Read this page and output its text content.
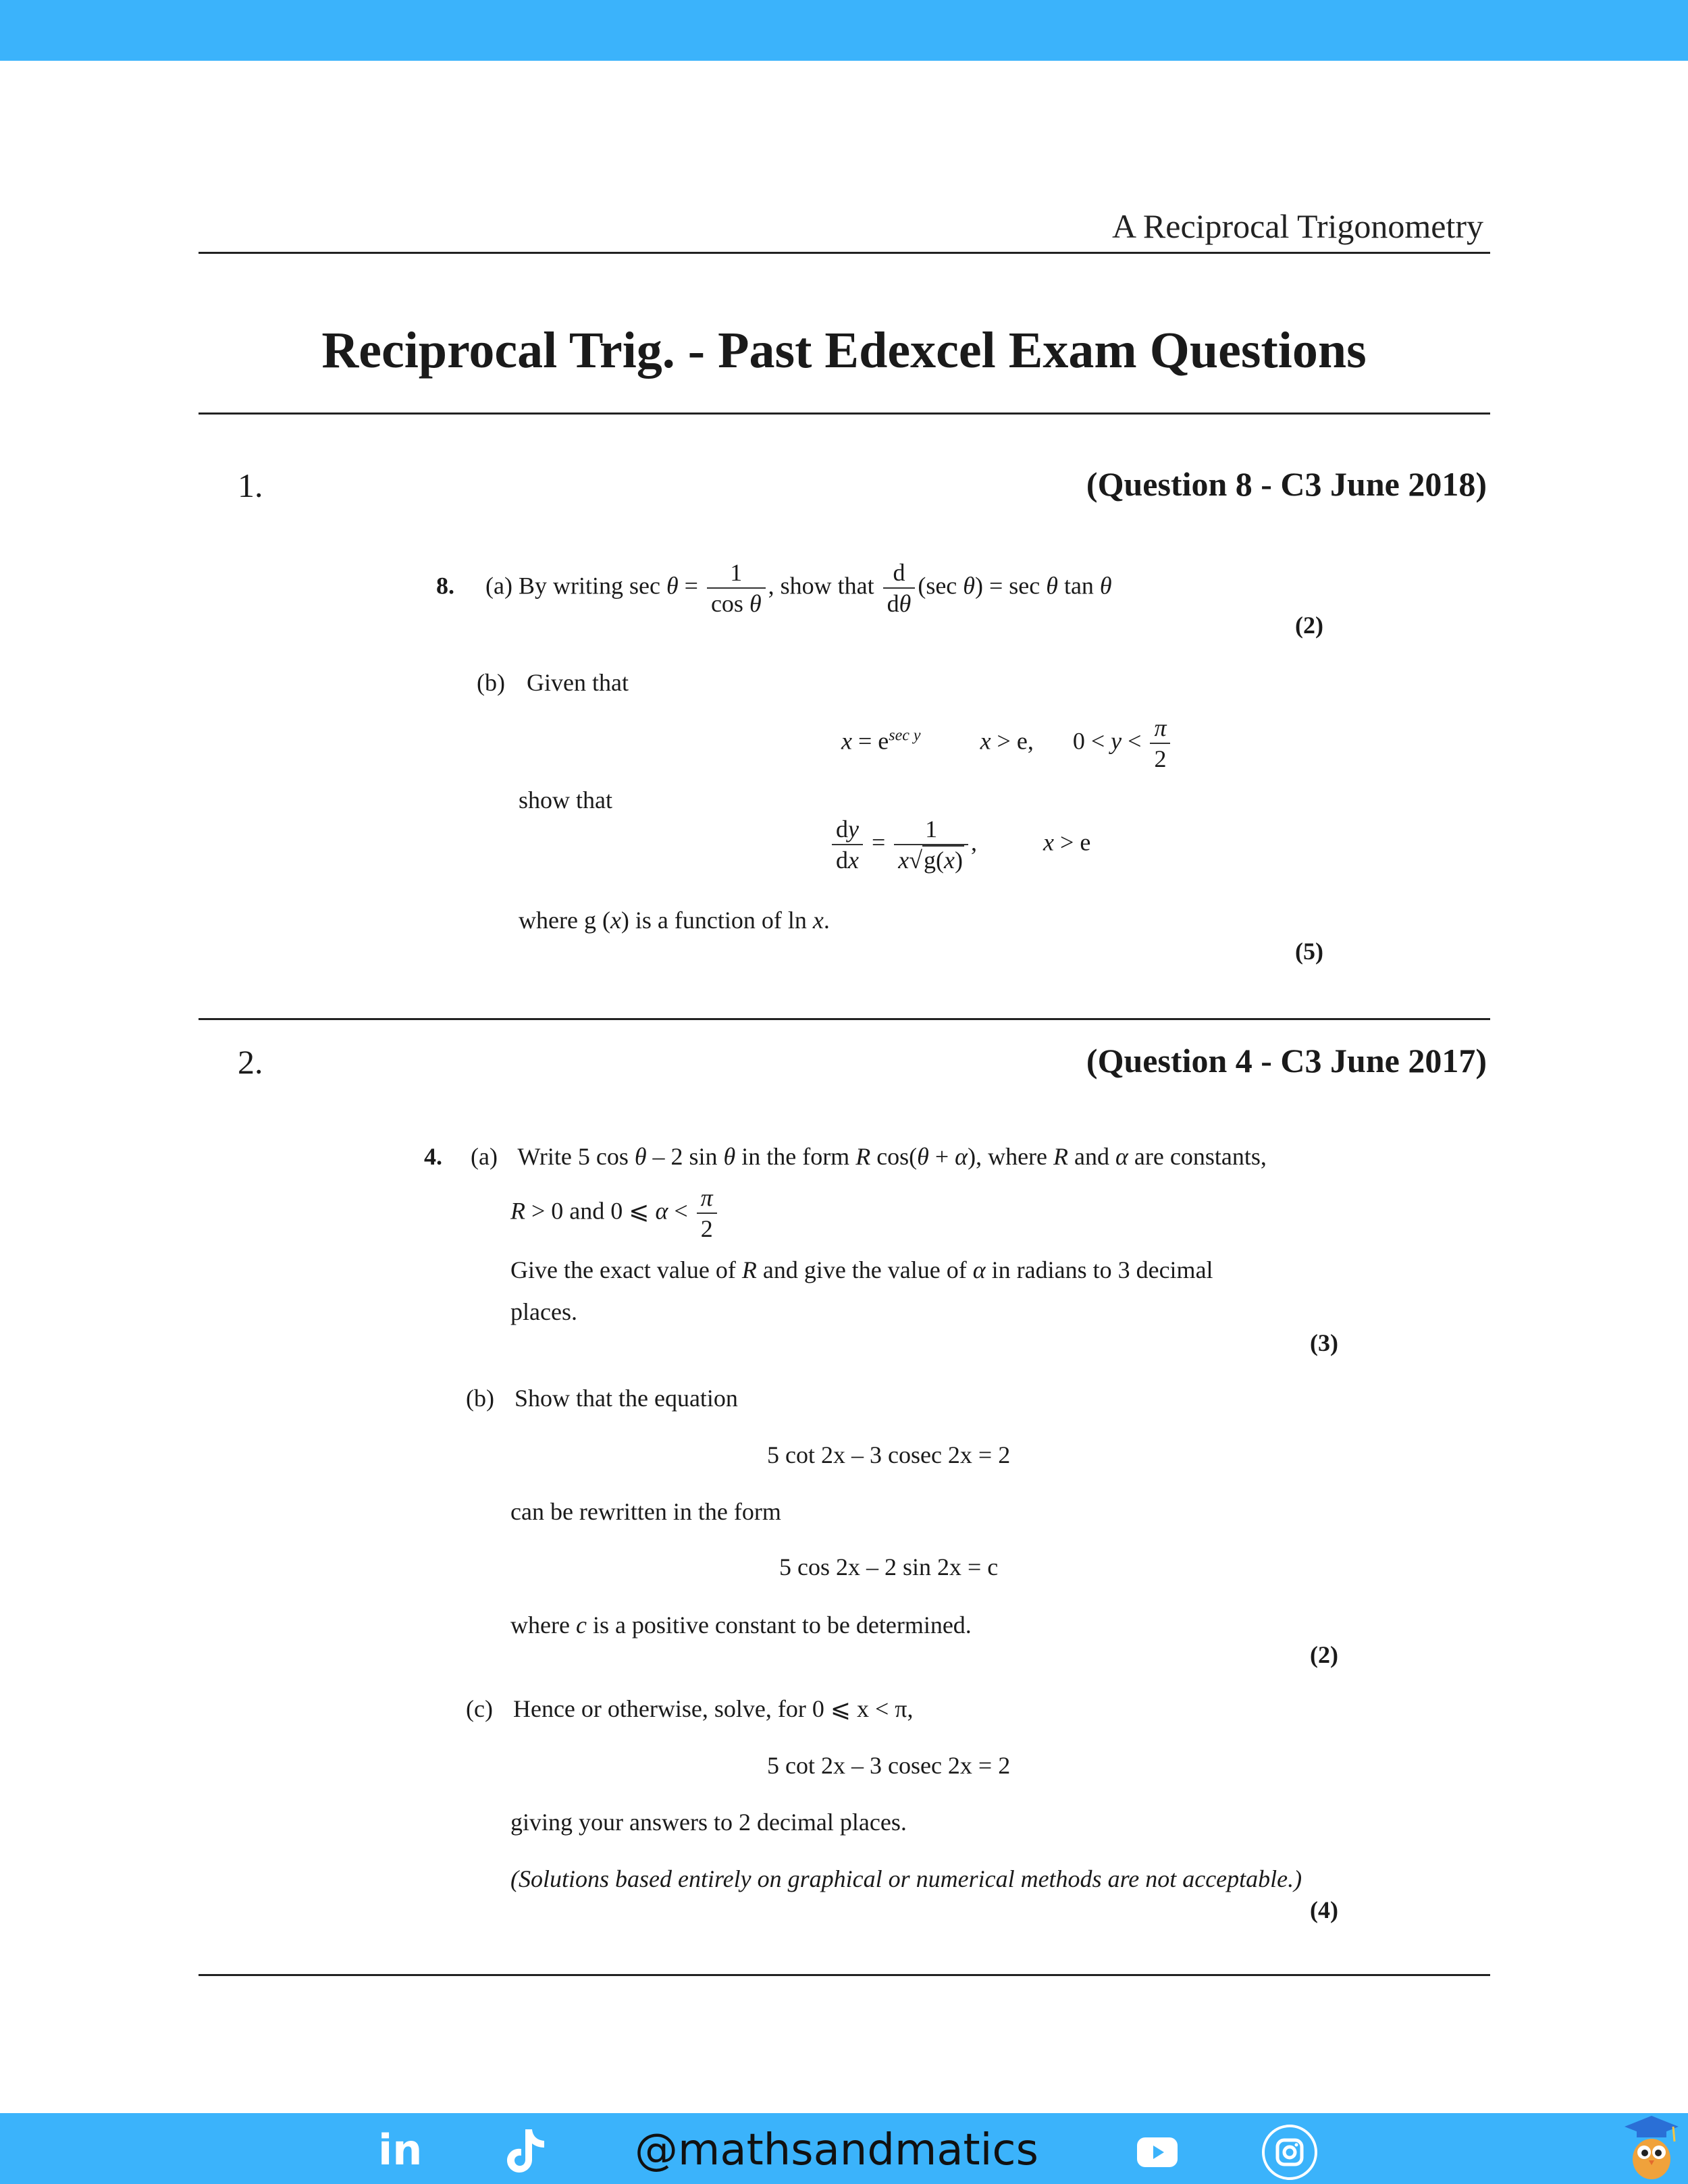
A Reciprocal Trigonometry
Reciprocal Trig. - Past Edexcel Exam Questions
1.	(Question 8 - C3 June 2018)
8. (a) By writing $\sec \theta = \frac{1}{\text{cos θ}}$ , show that $\frac{d}{d\theta} (\sec$ θ) = sec θ tan θ
(2)
(b) Given that
$x = e^{sec y}$ x > e, $0 < y < \frac{\pi}{2}$
show that
$\frac{dy}{dx} = \frac{1}{x√g(x)}$ ,	x > e
where g (x) is a function of ln x.
(5)
2.	(Question 4 - C3 June 2017)
4. (a) Write 5 cos θ – 2 sin θ in the form R cos(θ + α), where R and α are constants,
R > 0 and 0 ⩽ $\alpha < \frac{\pi}{2}$
Give the exact value of R and give the value of α in radians to 3 decimal
places.
(3)
(b) Show that the equation
5 cot 2x – 3 cosec 2x = 2
can be rewritten in the form
5 cos 2x – 2 sin 2x = c
where c is a positive constant to be determined.
(2)
(c) Hence or otherwise, solve, for 0 ⩽ x < π,
5 cot 2x – 3 cosec 2x = 2
giving your answers to 2 decimal places.
(Solutions based entirely on graphical or numerical methods are not acceptable.)
(4)
in	@mathsandmatics
